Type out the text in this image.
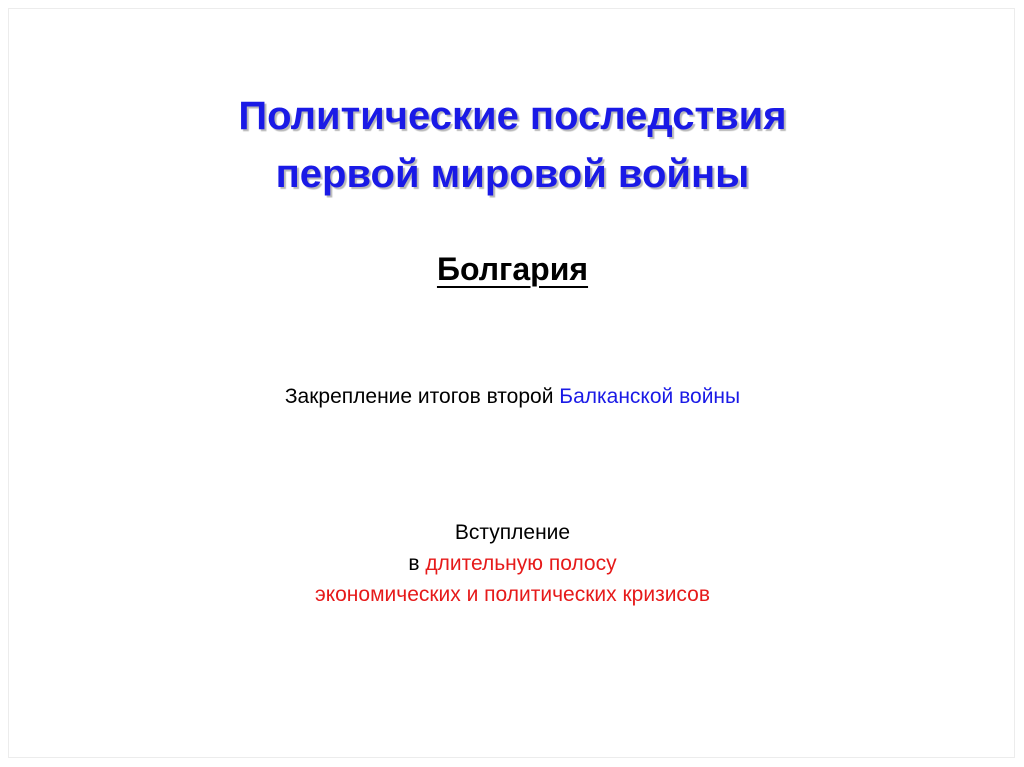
Политические последствия
первой мировой войны
Болгария
Закрепление итогов второй Балканской войны
Вступление
в длительную полосу
экономических и политических кризисов
